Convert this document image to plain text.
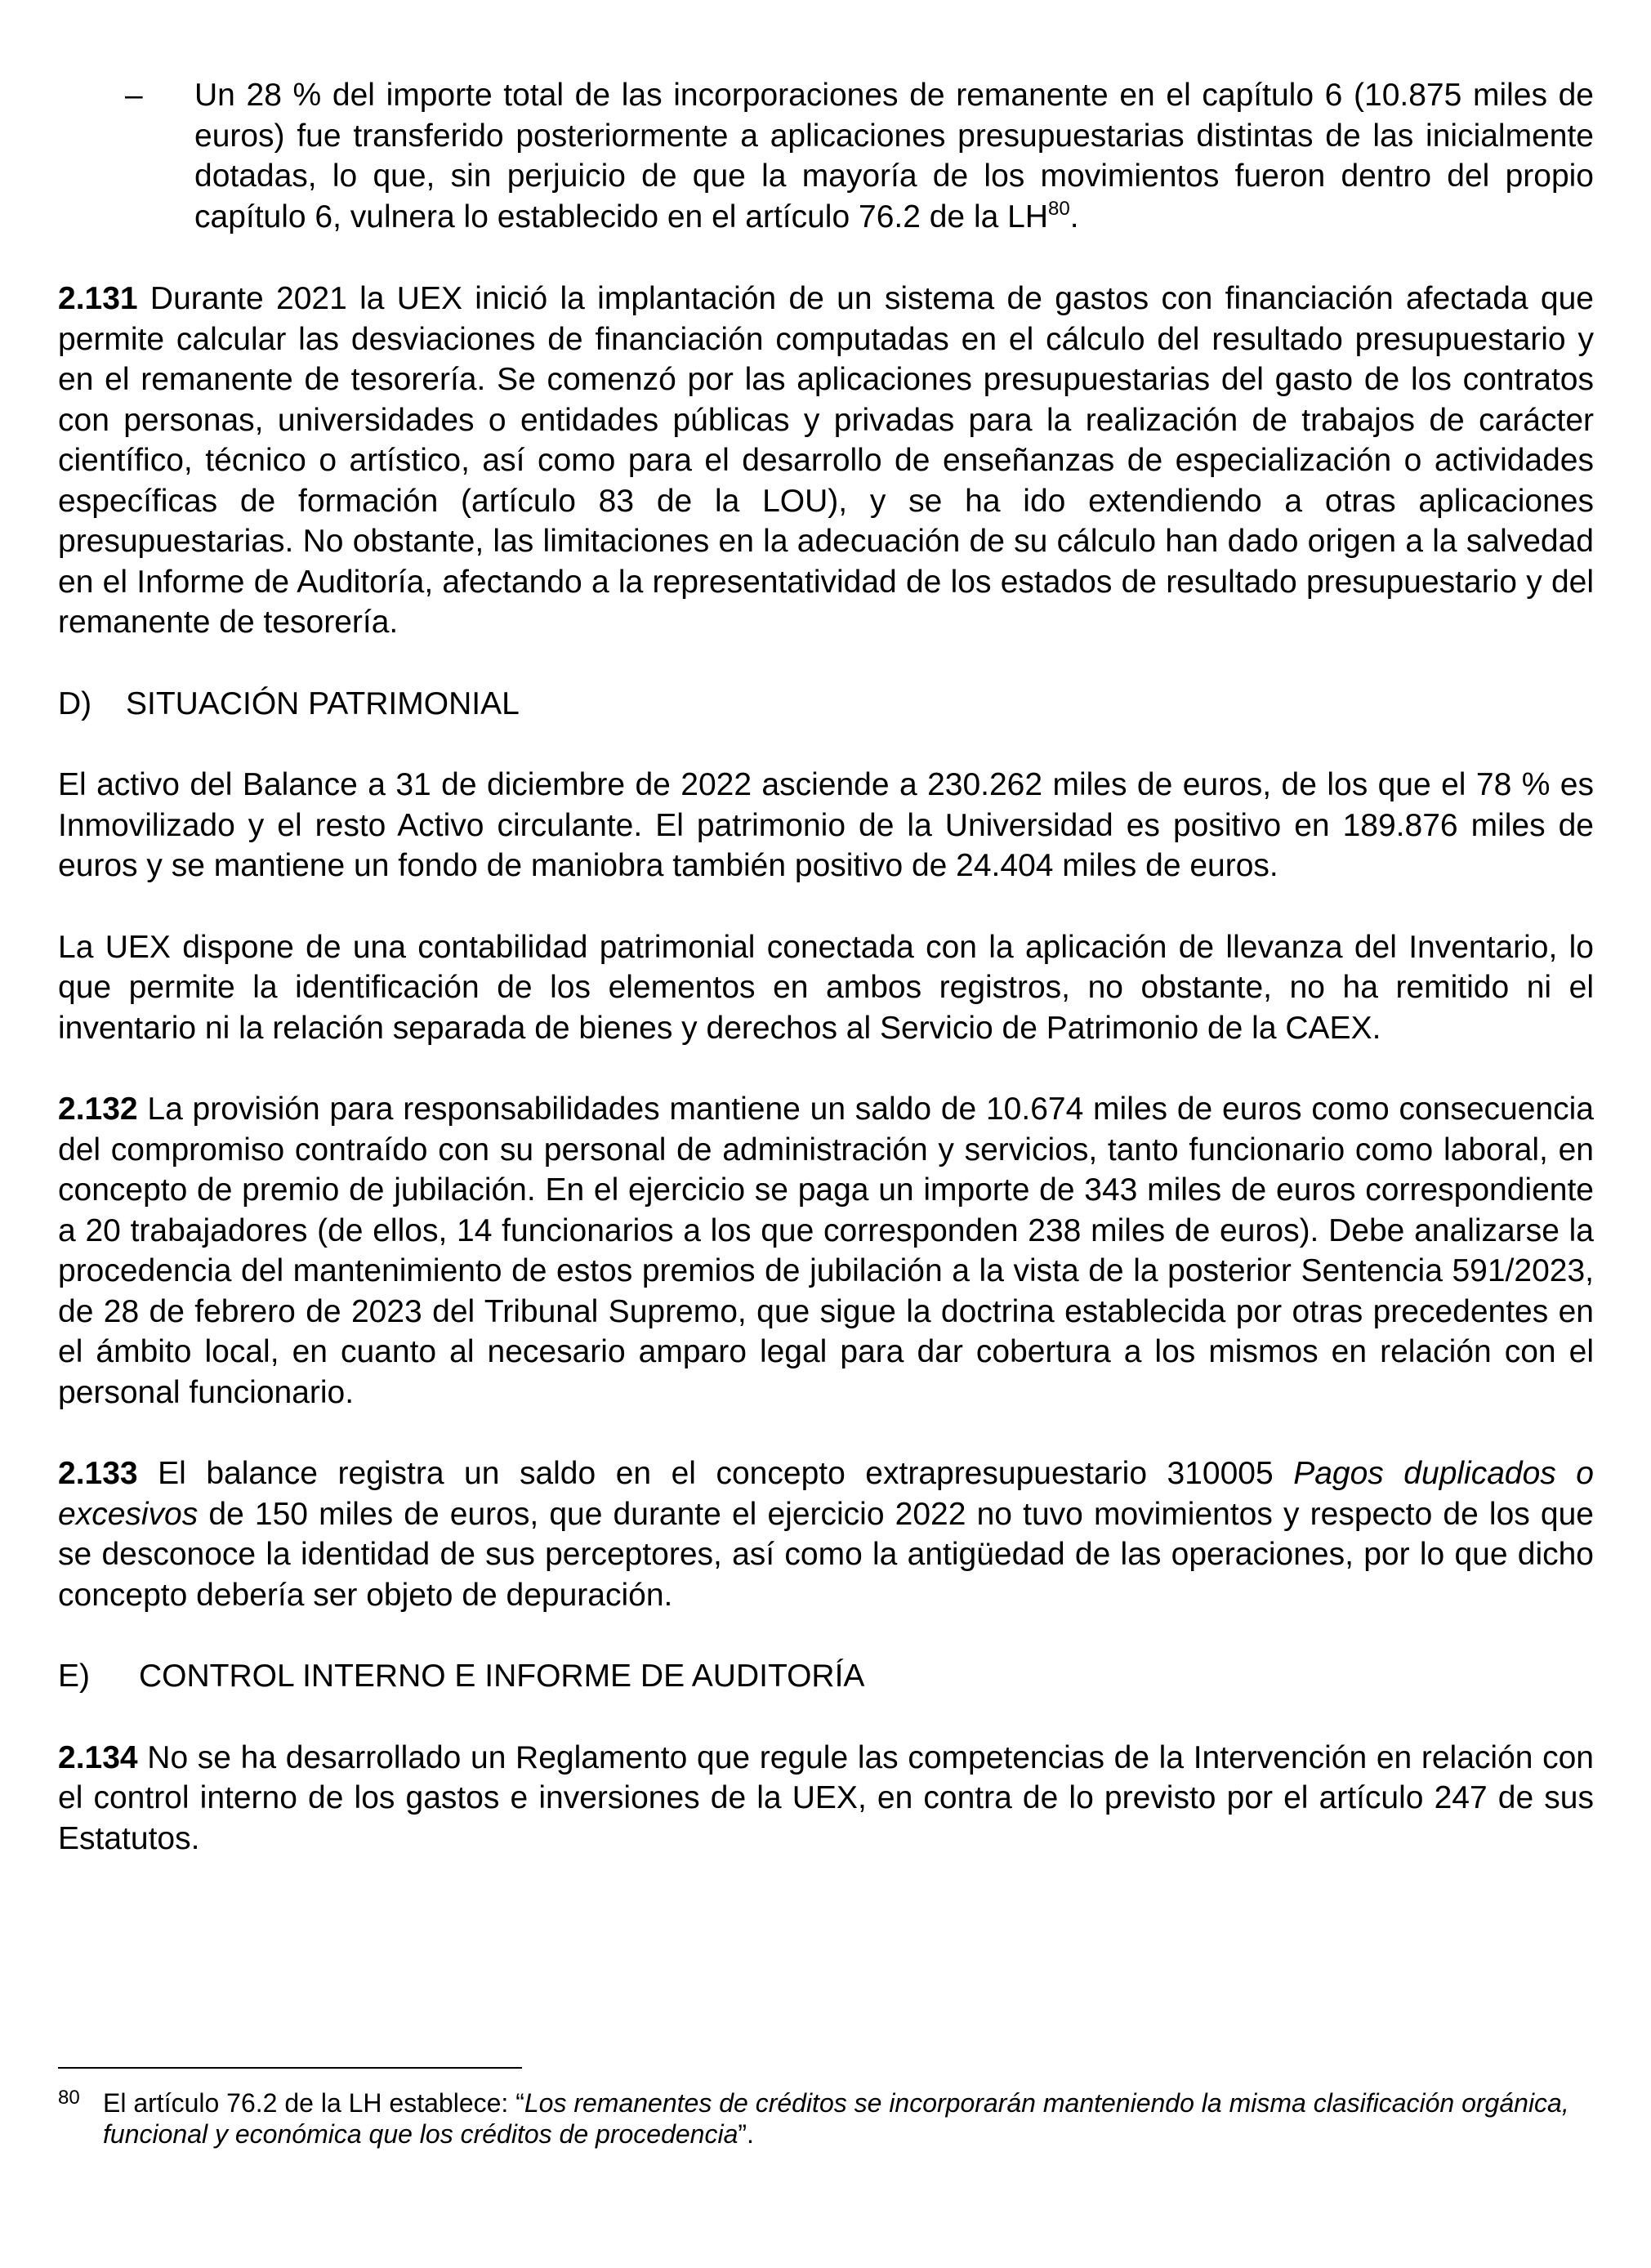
– Un 28 % del importe total de las incorporaciones de remanente en el capítulo 6 (10.875 miles de euros) fue transferido posteriormente a aplicaciones presupuestarias distintas de las inicialmente dotadas, lo que, sin perjuicio de que la mayoría de los movimientos fueron dentro del propio capítulo 6, vulnera lo establecido en el artículo 76.2 de la LH$^{80}$.

2.131 Durante 2021 la UEX inició la implantación de un sistema de gastos con financiación afectada que permite calcular las desviaciones de financiación computadas en el cálculo del resultado presupuestario y en el remanente de tesorería. Se comenzó por las aplicaciones presupuestarias del gasto de los contratos con personas, universidades o entidades públicas y privadas para la realización de trabajos de carácter científico, técnico o artístico, así como para el desarrollo de enseñanzas de especialización o actividades específicas de formación (artículo 83 de la LOU), y se ha ido extendiendo a otras aplicaciones presupuestarias. No obstante, las limitaciones en la adecuación de su cálculo han dado origen a la salvedad en el Informe de Auditoría, afectando a la representatividad de los estados de resultado presupuestario y del remanente de tesorería.

D) SITUACIÓN PATRIMONIAL

El activo del Balance a 31 de diciembre de 2022 asciende a 230.262 miles de euros, de los que el 78 % es Inmovilizado y el resto Activo circulante. El patrimonio de la Universidad es positivo en 189.876 miles de euros y se mantiene un fondo de maniobra también positivo de 24.404 miles de euros.

La UEX dispone de una contabilidad patrimonial conectada con la aplicación de llevanza del Inventario, lo que permite la identificación de los elementos en ambos registros, no obstante, no ha remitido ni el inventario ni la relación separada de bienes y derechos al Servicio de Patrimonio de la CAEX.

2.132 La provisión para responsabilidades mantiene un saldo de 10.674 miles de euros como consecuencia del compromiso contraído con su personal de administración y servicios, tanto funcionario como laboral, en concepto de premio de jubilación. En el ejercicio se paga un importe de 343 miles de euros correspondiente a 20 trabajadores (de ellos, 14 funcionarios a los que corresponden 238 miles de euros). Debe analizarse la procedencia del mantenimiento de estos premios de jubilación a la vista de la posterior Sentencia 591/2023, de 28 de febrero de 2023 del Tribunal Supremo, que sigue la doctrina establecida por otras precedentes en el ámbito local, en cuanto al necesario amparo legal para dar cobertura a los mismos en relación con el personal funcionario.

2.133 El balance registra un saldo en el concepto extrapresupuestario 310005 Pagos duplicados o excesivos de 150 miles de euros, que durante el ejercicio 2022 no tuvo movimientos y respecto de los que se desconoce la identidad de sus perceptores, así como la antigüedad de las operaciones, por lo que dicho concepto debería ser objeto de depuración.

E) CONTROL INTERNO E INFORME DE AUDITORÍA

2.134 No se ha desarrollado un Reglamento que regule las competencias de la Intervención en relación con el control interno de los gastos e inversiones de la UEX, en contra de lo previsto por el artículo 247 de sus Estatutos.

80 El artículo 76.2 de la LH establece: “Los remanentes de créditos se incorporarán manteniendo la misma clasificación orgánica, funcional y económica que los créditos de procedencia”.
